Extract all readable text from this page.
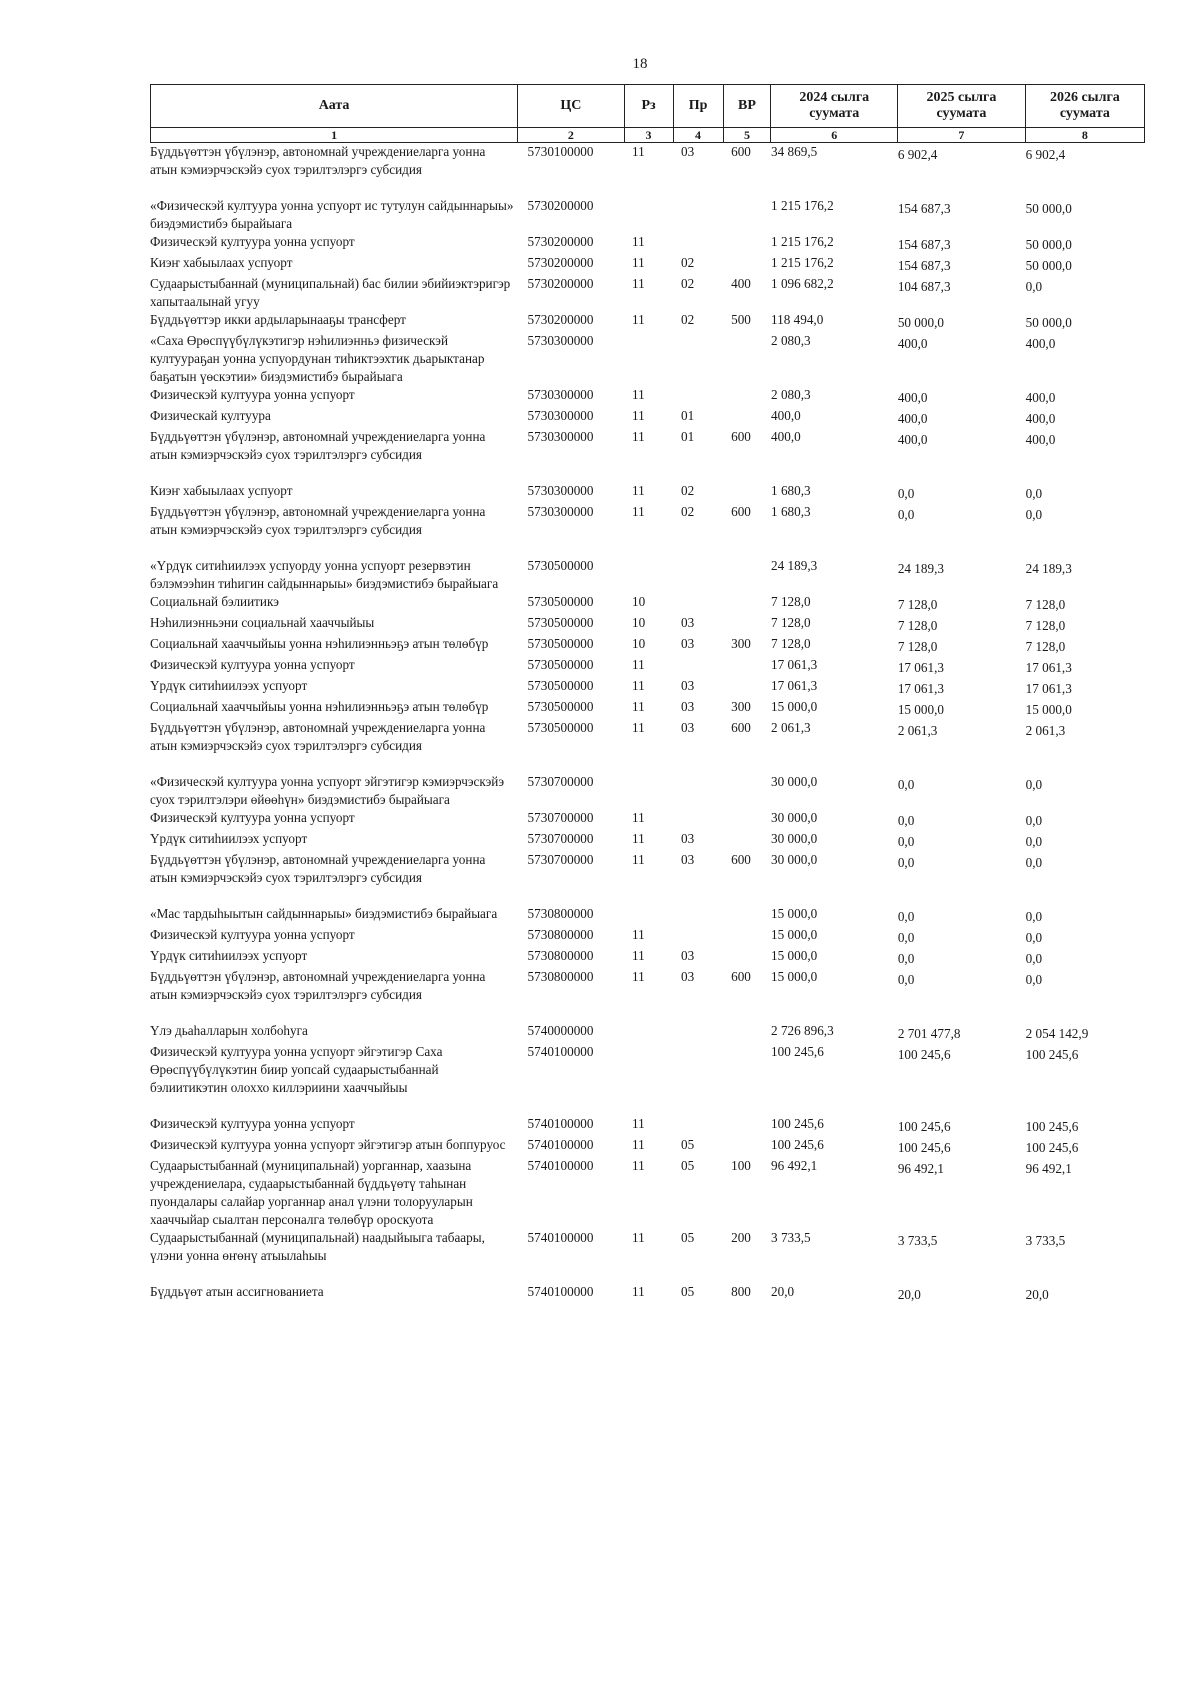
18
Аата	ЦС	Рз	Пр	ВР	2024 сылга суумата	2025 сылга суумата	2026 сылга суумата
1	2	3	4	5	6	7	8
Бүддьүөттэн үбүлэнэр, автономнай учреждениеларга уонна атын кэмиэрчэскэйэ суох тэрилтэлэргэ субсидия	5730100000	11	03	600	34 869,5	6 902,4	6 902,4
«Физическэй култуура уонна успуорт ис тутулун сайдыннарыы» биэдэмистибэ бырайыага	5730200000				1 215 176,2	154 687,3	50 000,0
Физическэй култуура уонна успуорт	5730200000	11			1 215 176,2	154 687,3	50 000,0
Киэҥ хабыылаах успуорт	5730200000	11	02		1 215 176,2	154 687,3	50 000,0
Судаарыстыбаннай (муниципальнай) бас билии эбийиэктэригэр хапытаалынай угуу	5730200000	11	02	400	1 096 682,2	104 687,3	0,0
Бүддьүөттэр икки ардыларынааҕы трансферт	5730200000	11	02	500	118 494,0	50 000,0	50 000,0
«Саха Өрөспүүбүлүкэтигэр нэһилиэнньэ физическэй култуураҕан уонна успуордунан тиһиктээхтик дьарыктанар баҕатын үөскэтии» биэдэмистибэ бырайыага	5730300000				2 080,3	400,0	400,0
Физическэй култуура уонна успуорт	5730300000	11			2 080,3	400,0	400,0
Физическай култуура	5730300000	11	01		400,0	400,0	400,0
Бүддьүөттэн үбүлэнэр, автономнай учреждениеларга уонна атын кэмиэрчэскэйэ суох тэрилтэлэргэ субсидия	5730300000	11	01	600	400,0	400,0	400,0
Киэҥ хабыылаах успуорт	5730300000	11	02		1 680,3	0,0	0,0
Бүддьүөттэн үбүлэнэр, автономнай учреждениеларга уонна атын кэмиэрчэскэйэ суох тэрилтэлэргэ субсидия	5730300000	11	02	600	1 680,3	0,0	0,0
«Үрдүк ситиһиилээх успуорду уонна успуорт резервэтин бэлэмээһин тиһигин сайдыннарыы» биэдэмистибэ бырайыага	5730500000				24 189,3	24 189,3	24 189,3
Социальнай бэлиитикэ	5730500000	10			7 128,0	7 128,0	7 128,0
Нэһилиэнньэни социальнай хааччыйыы	5730500000	10	03		7 128,0	7 128,0	7 128,0
Социальнай хааччыйыы уонна нэһилиэнньэҕэ атын төлөбүр	5730500000	10	03	300	7 128,0	7 128,0	7 128,0
Физическэй култуура уонна успуорт	5730500000	11			17 061,3	17 061,3	17 061,3
Үрдүк ситиһиилээх успуорт	5730500000	11	03		17 061,3	17 061,3	17 061,3
Социальнай хааччыйыы уонна нэһилиэнньэҕэ атын төлөбүр	5730500000	11	03	300	15 000,0	15 000,0	15 000,0
Бүддьүөттэн үбүлэнэр, автономнай учреждениеларга уонна атын кэмиэрчэскэйэ суох тэрилтэлэргэ субсидия	5730500000	11	03	600	2 061,3	2 061,3	2 061,3
«Физическэй култуура уонна успуорт эйгэтигэр кэмиэрчэскэйэ суох тэрилтэлэри өйөөһүн» биэдэмистибэ бырайыага	5730700000				30 000,0	0,0	0,0
Физическэй култуура уонна успуорт	5730700000	11			30 000,0	0,0	0,0
Үрдүк ситиһиилээх успуорт	5730700000	11	03		30 000,0	0,0	0,0
Бүддьүөттэн үбүлэнэр, автономнай учреждениеларга уонна атын кэмиэрчэскэйэ суох тэрилтэлэргэ субсидия	5730700000	11	03	600	30 000,0	0,0	0,0
«Мас тардыһыытын сайдыннарыы» биэдэмистибэ бырайыага	5730800000				15 000,0	0,0	0,0
Физическэй култуура уонна успуорт	5730800000	11			15 000,0	0,0	0,0
Үрдүк ситиһиилээх успуорт	5730800000	11	03		15 000,0	0,0	0,0
Бүддьүөттэн үбүлэнэр, автономнай учреждениеларга уонна атын кэмиэрчэскэйэ суох тэрилтэлэргэ субсидия	5730800000	11	03	600	15 000,0	0,0	0,0
Үлэ дьаһалларын холбоһуга	5740000000				2 726 896,3	2 701 477,8	2 054 142,9
Физическэй култуура уонна успуорт эйгэтигэр Саха Өрөспүүбүлүкэтин биир уопсай судаарыстыбаннай бэлиитикэтин олоххо киллэриини хааччыйыы	5740100000				100 245,6	100 245,6	100 245,6
Физическэй култуура уонна успуорт	5740100000	11			100 245,6	100 245,6	100 245,6
Физическэй култуура уонна успуорт эйгэтигэр атын боппуруос	5740100000	11	05		100 245,6	100 245,6	100 245,6
Судаарыстыбаннай (муниципальнай) уорганнар, хаазына учреждениелара, судаарыстыбаннай бүддьүөтү таһынан пуондалары салайар уорганнар анал үлэни толорууларын хааччыйар сыалтан персоналга төлөбүр ороскуота	5740100000	11	05	100	96 492,1	96 492,1	96 492,1
Судаарыстыбаннай (муниципальнай) наадыйыыга табаары, үлэни уонна өҥөнү атыылаһыы	5740100000	11	05	200	3 733,5	3 733,5	3 733,5
Бүддьүөт атын ассигнованиета	5740100000	11	05	800	20,0	20,0	20,0
